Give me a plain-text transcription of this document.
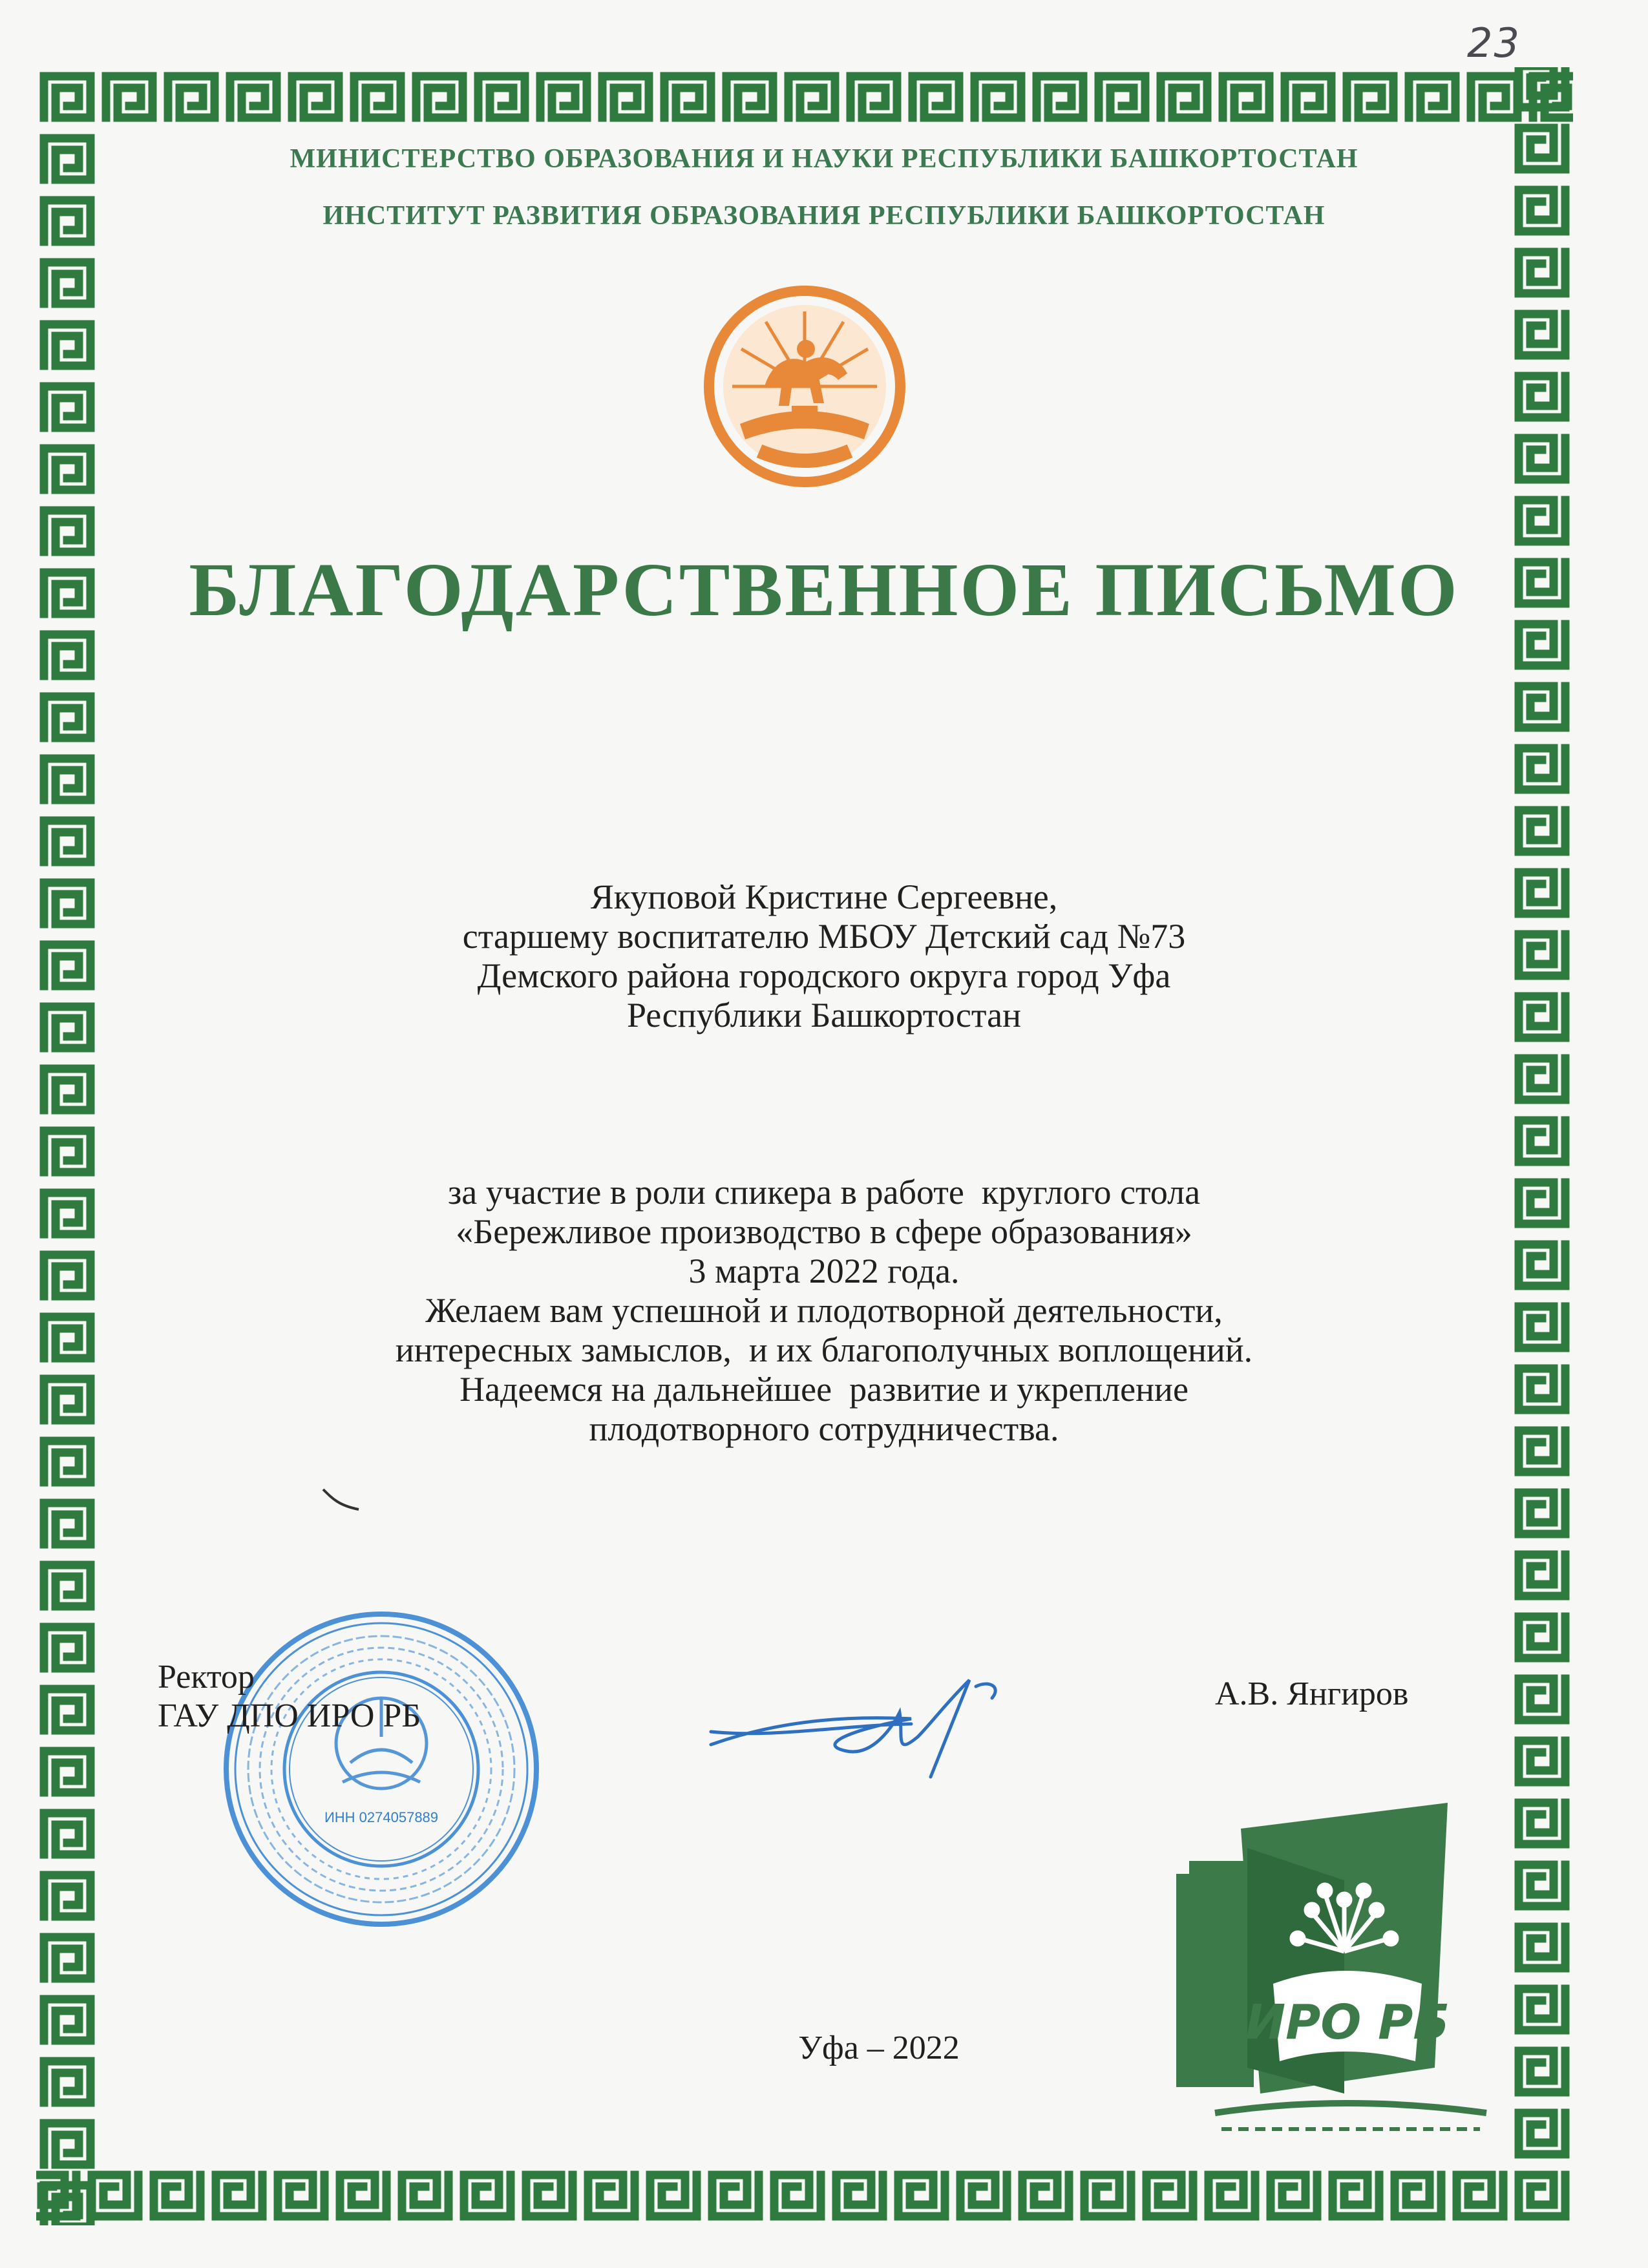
23
МИНИСТЕРСТВО ОБРАЗОВАНИЯ И НАУКИ РЕСПУБЛИКИ БАШКОРТОСТАН
ИНСТИТУТ РАЗВИТИЯ ОБРАЗОВАНИЯ РЕСПУБЛИКИ БАШКОРТОСТАН
БЛАГОДАРСТВЕННОЕ ПИСЬМО
Якуповой Кристине Сергеевне,
старшему воспитателю МБОУ Детский сад №73
Демского района городского округа город Уфа
Республики Башкортостан
за участие в роли спикера в работе  круглого стола
«Бережливое производство в сфере образования»
3 марта 2022 года.
Желаем вам успешной и плодотворной деятельности,
интересных замыслов,  и их благополучных воплощений.
Надеемся на дальнейшее  развитие и укрепление
плодотворного сотрудничества.
ИНН 0274057889
Ректор
ГАУ ДПО ИРО РБ
А.В. Янгиров
ИРО РБ
Уфа – 2022
